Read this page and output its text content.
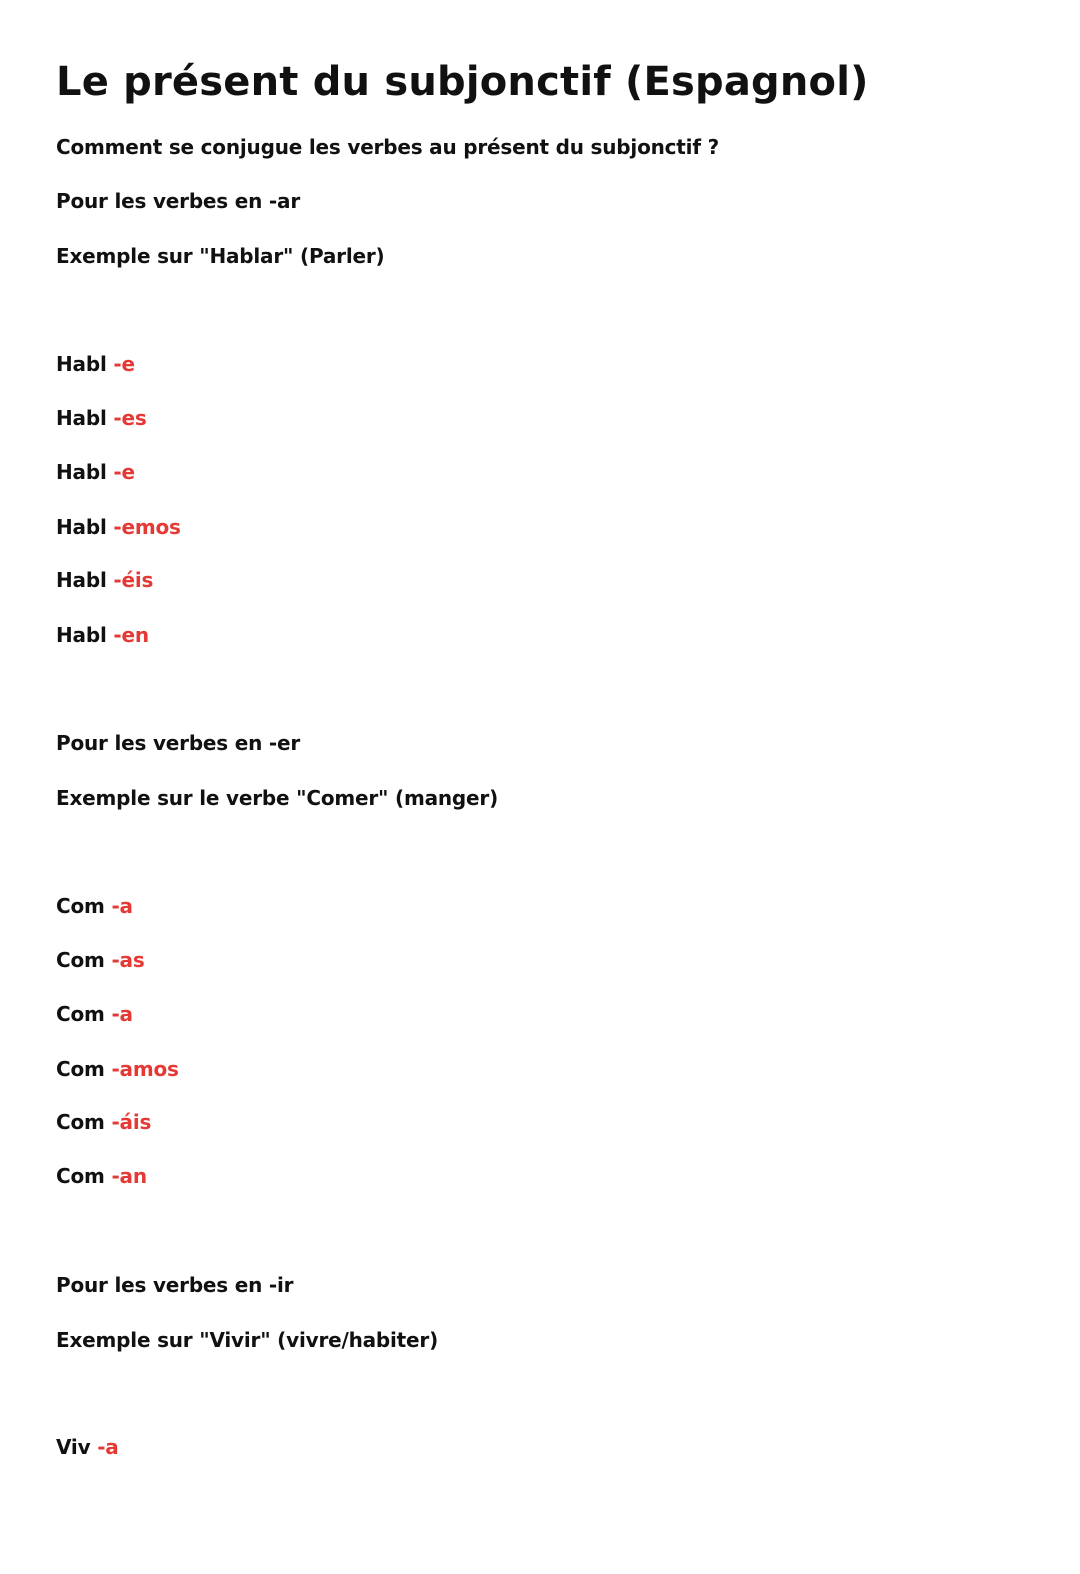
Le présent du subjonctif (Espagnol)

Comment se conjugue les verbes au présent du subjonctif ?

Pour les verbes en -ar

Exemple sur "Hablar" (Parler)

Habl -e

Habl -es

Habl -e

Habl -emos

Habl -éis

Habl -en

Pour les verbes en -er

Exemple sur le verbe "Comer" (manger)

Com -a

Com -as

Com -a

Com -amos

Com -áis

Com -an

Pour les verbes en -ir

Exemple sur "Vivir" (vivre/habiter)

Viv -a
